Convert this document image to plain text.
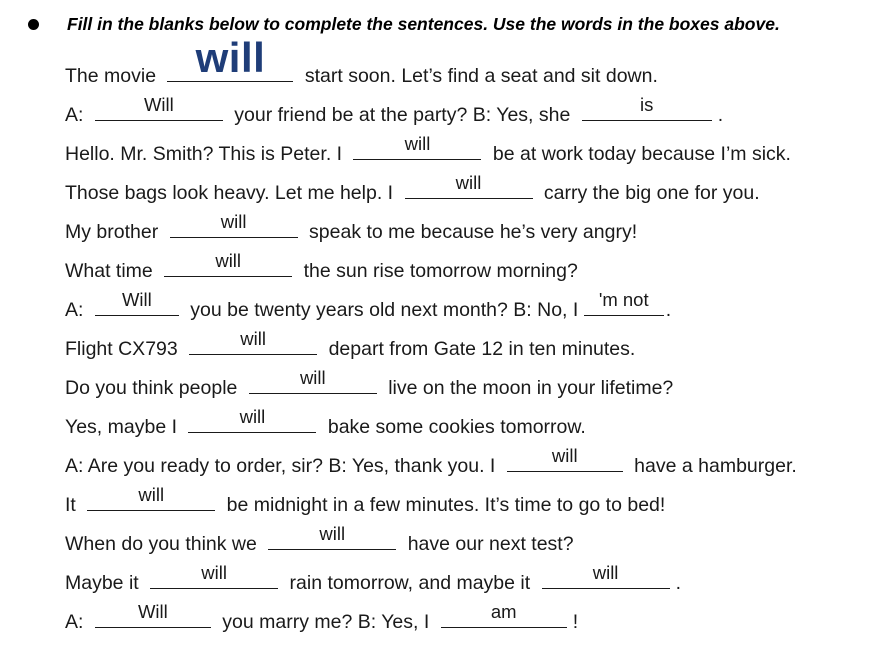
Fill in the blanks below to complete the sentences. Use the words in the boxes above.
The movie will	start soon. Let’s find a seat and sit down.
A:	Will	your friend be at the party? B: Yes, she	is	.
Hello. Mr. Smith? This is Peter. I	will	be at work today because I’m sick.
Those bags look heavy. Let me help. I	will	carry the big one for you.
My brother	will	speak to me because he’s very angry!
What time	will	the sun rise tomorrow morning?
A:	Will	you be twenty years old next month? B: No, I 'm not .
Flight CX793	will	depart from Gate 12 in ten minutes.
Do you think people	will	live on the moon in your lifetime?
Yes, maybe I	will	bake some cookies tomorrow.
A: Are you ready to order, sir? B: Yes, thank you. I	will	have a hamburger.
It	will	be midnight in a few minutes. It’s time to go to bed!
When do you think we	will	have our next test?
Maybe it	will	rain tomorrow, and maybe it	will	.
A:	Will	you marry me? B: Yes, I	am	!
